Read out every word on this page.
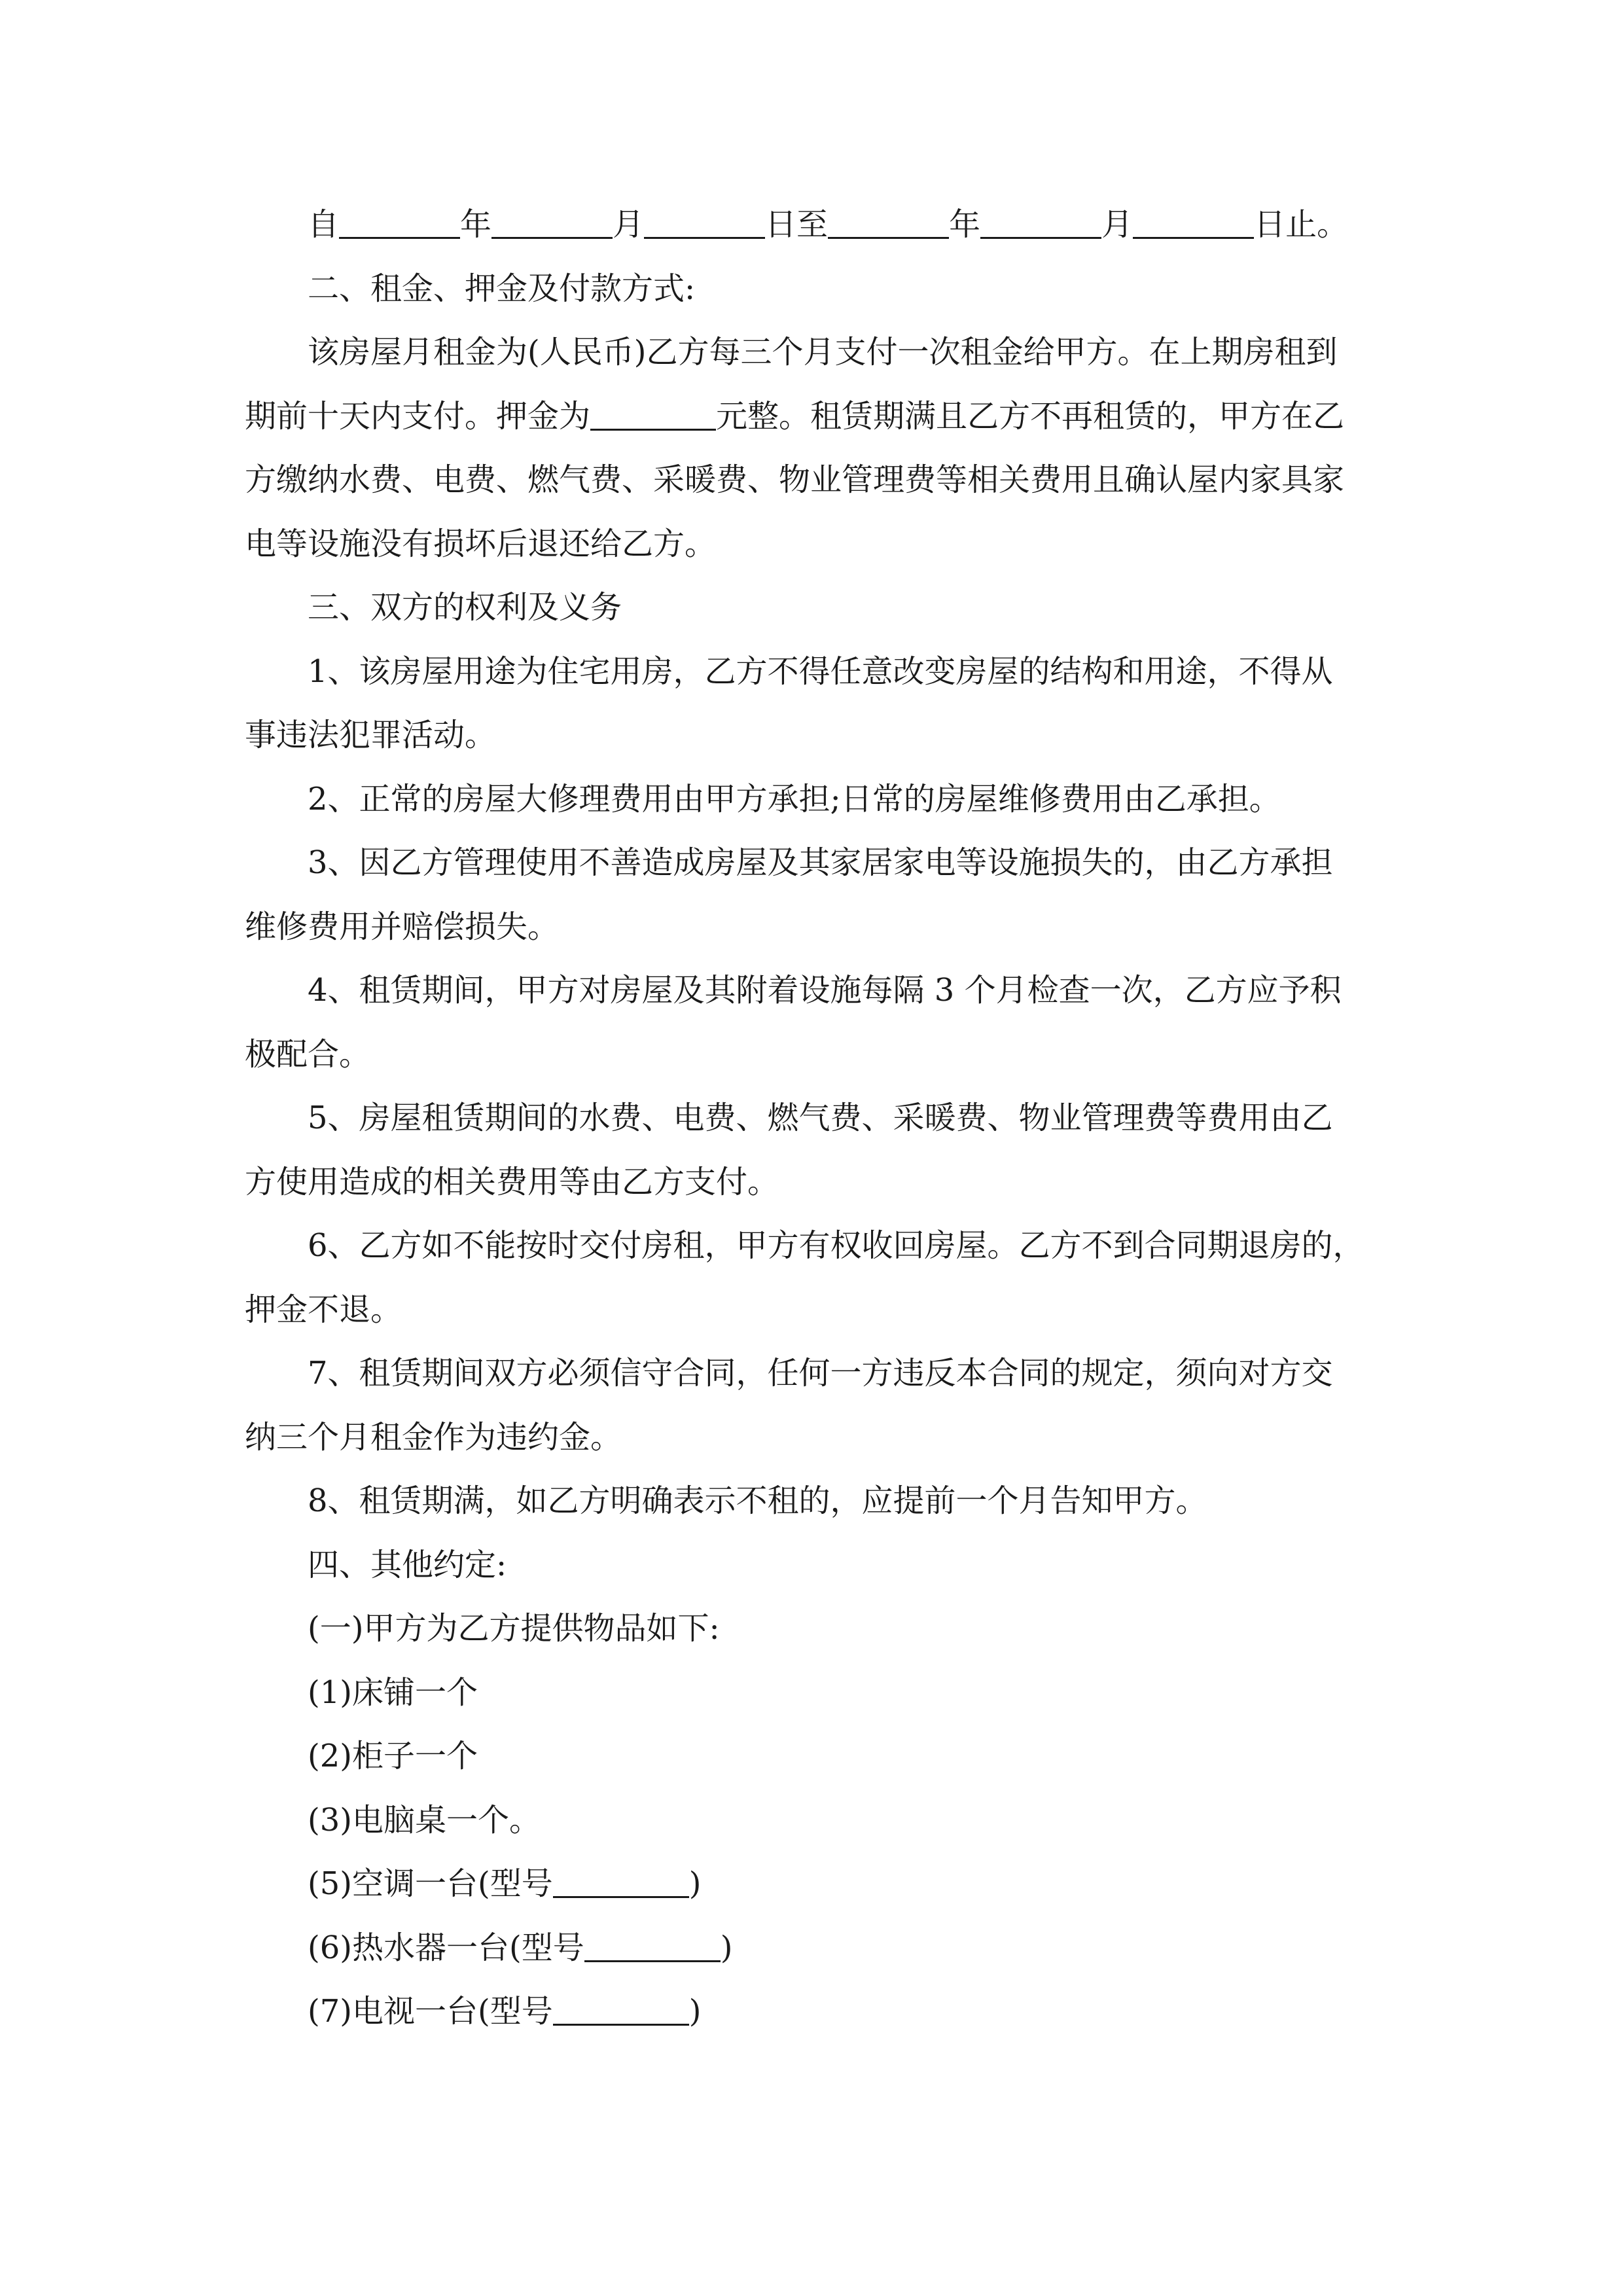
自	年	月	日至	年	月	日止。
二、租金、押金及付款方式:
该房屋月租金为(人民币)乙方每三个月支付一次租金给甲方。在上期房租到
期前十天内支付。押金为	元整。租赁期满且乙方不再租赁的，甲方在乙
方缴纳水费、电费、燃气费、采暖费、物业管理费等相关费用且确认屋内家具家
电等设施没有损坏后退还给乙方。
三、双方的权利及义务
1、该房屋用途为住宅用房，乙方不得任意改变房屋的结构和用途，不得从
事违法犯罪活动。
2、正常的房屋大修理费用由甲方承担;日常的房屋维修费用由乙承担。
3、因乙方管理使用不善造成房屋及其家居家电等设施损失的，由乙方承担
维修费用并赔偿损失。
4、租赁期间，甲方对房屋及其附着设施每隔 3 个月检查一次，乙方应予积
极配合。
5、房屋租赁期间的水费、电费、燃气费、采暖费、物业管理费等费用由乙
方使用造成的相关费用等由乙方支付。
6、乙方如不能按时交付房租，甲方有权收回房屋。乙方不到合同期退房的，
押金不退。
7、租赁期间双方必须信守合同，任何一方违反本合同的规定，须向对方交
纳三个月租金作为违约金。
8、租赁期满，如乙方明确表示不租的，应提前一个月告知甲方。
四、其他约定:
(一)甲方为乙方提供物品如下:
(1)床铺一个
(2)柜子一个
(3)电脑桌一个。
(5)空调一台(型号	)
(6)热水器一台(型号	)
(7)电视一台(型号	)
